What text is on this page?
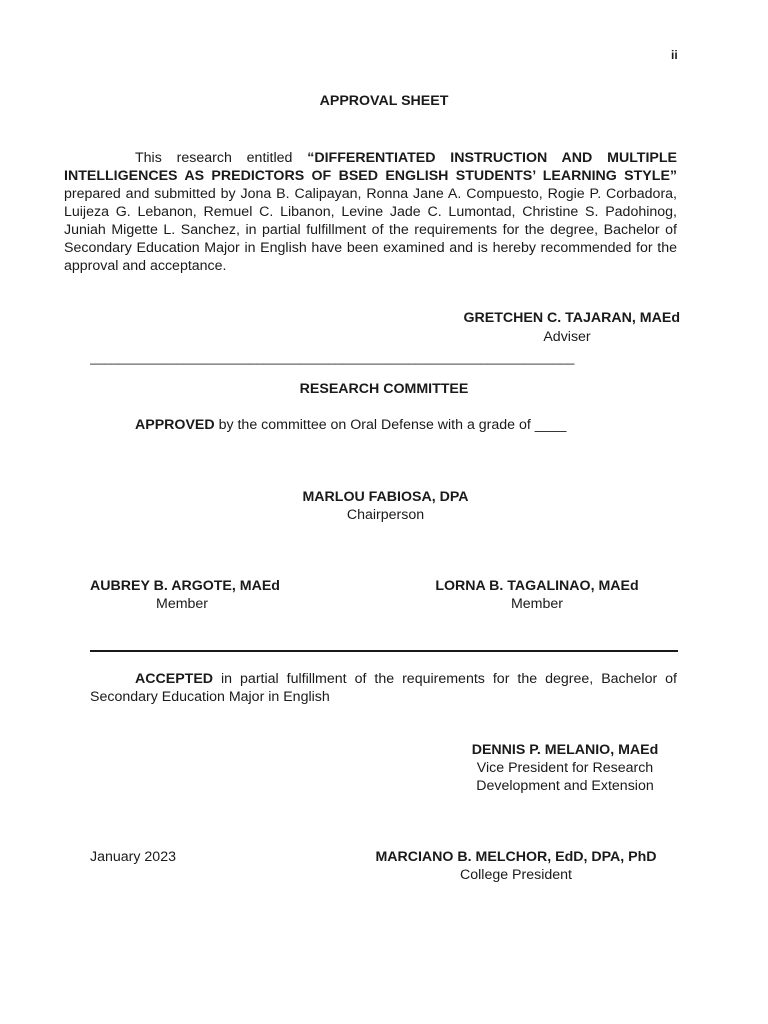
ii
APPROVAL SHEET
This research entitled “DIFFERENTIATED INSTRUCTION AND MULTIPLE INTELLIGENCES AS PREDICTORS OF BSED ENGLISH STUDENTS’ LEARNING STYLE” prepared and submitted by Jona B. Calipayan, Ronna Jane A. Compuesto, Rogie P. Corbadora, Luijeza G. Lebanon, Remuel C. Libanon, Levine Jade C. Lumontad, Christine S. Padohinog, Juniah Migette L. Sanchez, in partial fulfillment of the requirements for the degree, Bachelor of Secondary Education Major in English have been examined and is hereby recommended for the approval and acceptance.
GRETCHEN C. TAJARAN, MAEd
Adviser
___________________________________________________________________
RESEARCH COMMITTEE
APPROVED by the committee on Oral Defense with a grade of ____
MARLOU FABIOSA, DPA
Chairperson
AUBREY B. ARGOTE, MAEd
Member
LORNA B. TAGALINAO, MAEd
Member
ACCEPTED in partial fulfillment of the requirements for the degree, Bachelor of Secondary Education Major in English
DENNIS P. MELANIO, MAEd
Vice President for Research
Development and Extension
January 2023	MARCIANO B. MELCHOR, EdD, DPA, PhD
College President
